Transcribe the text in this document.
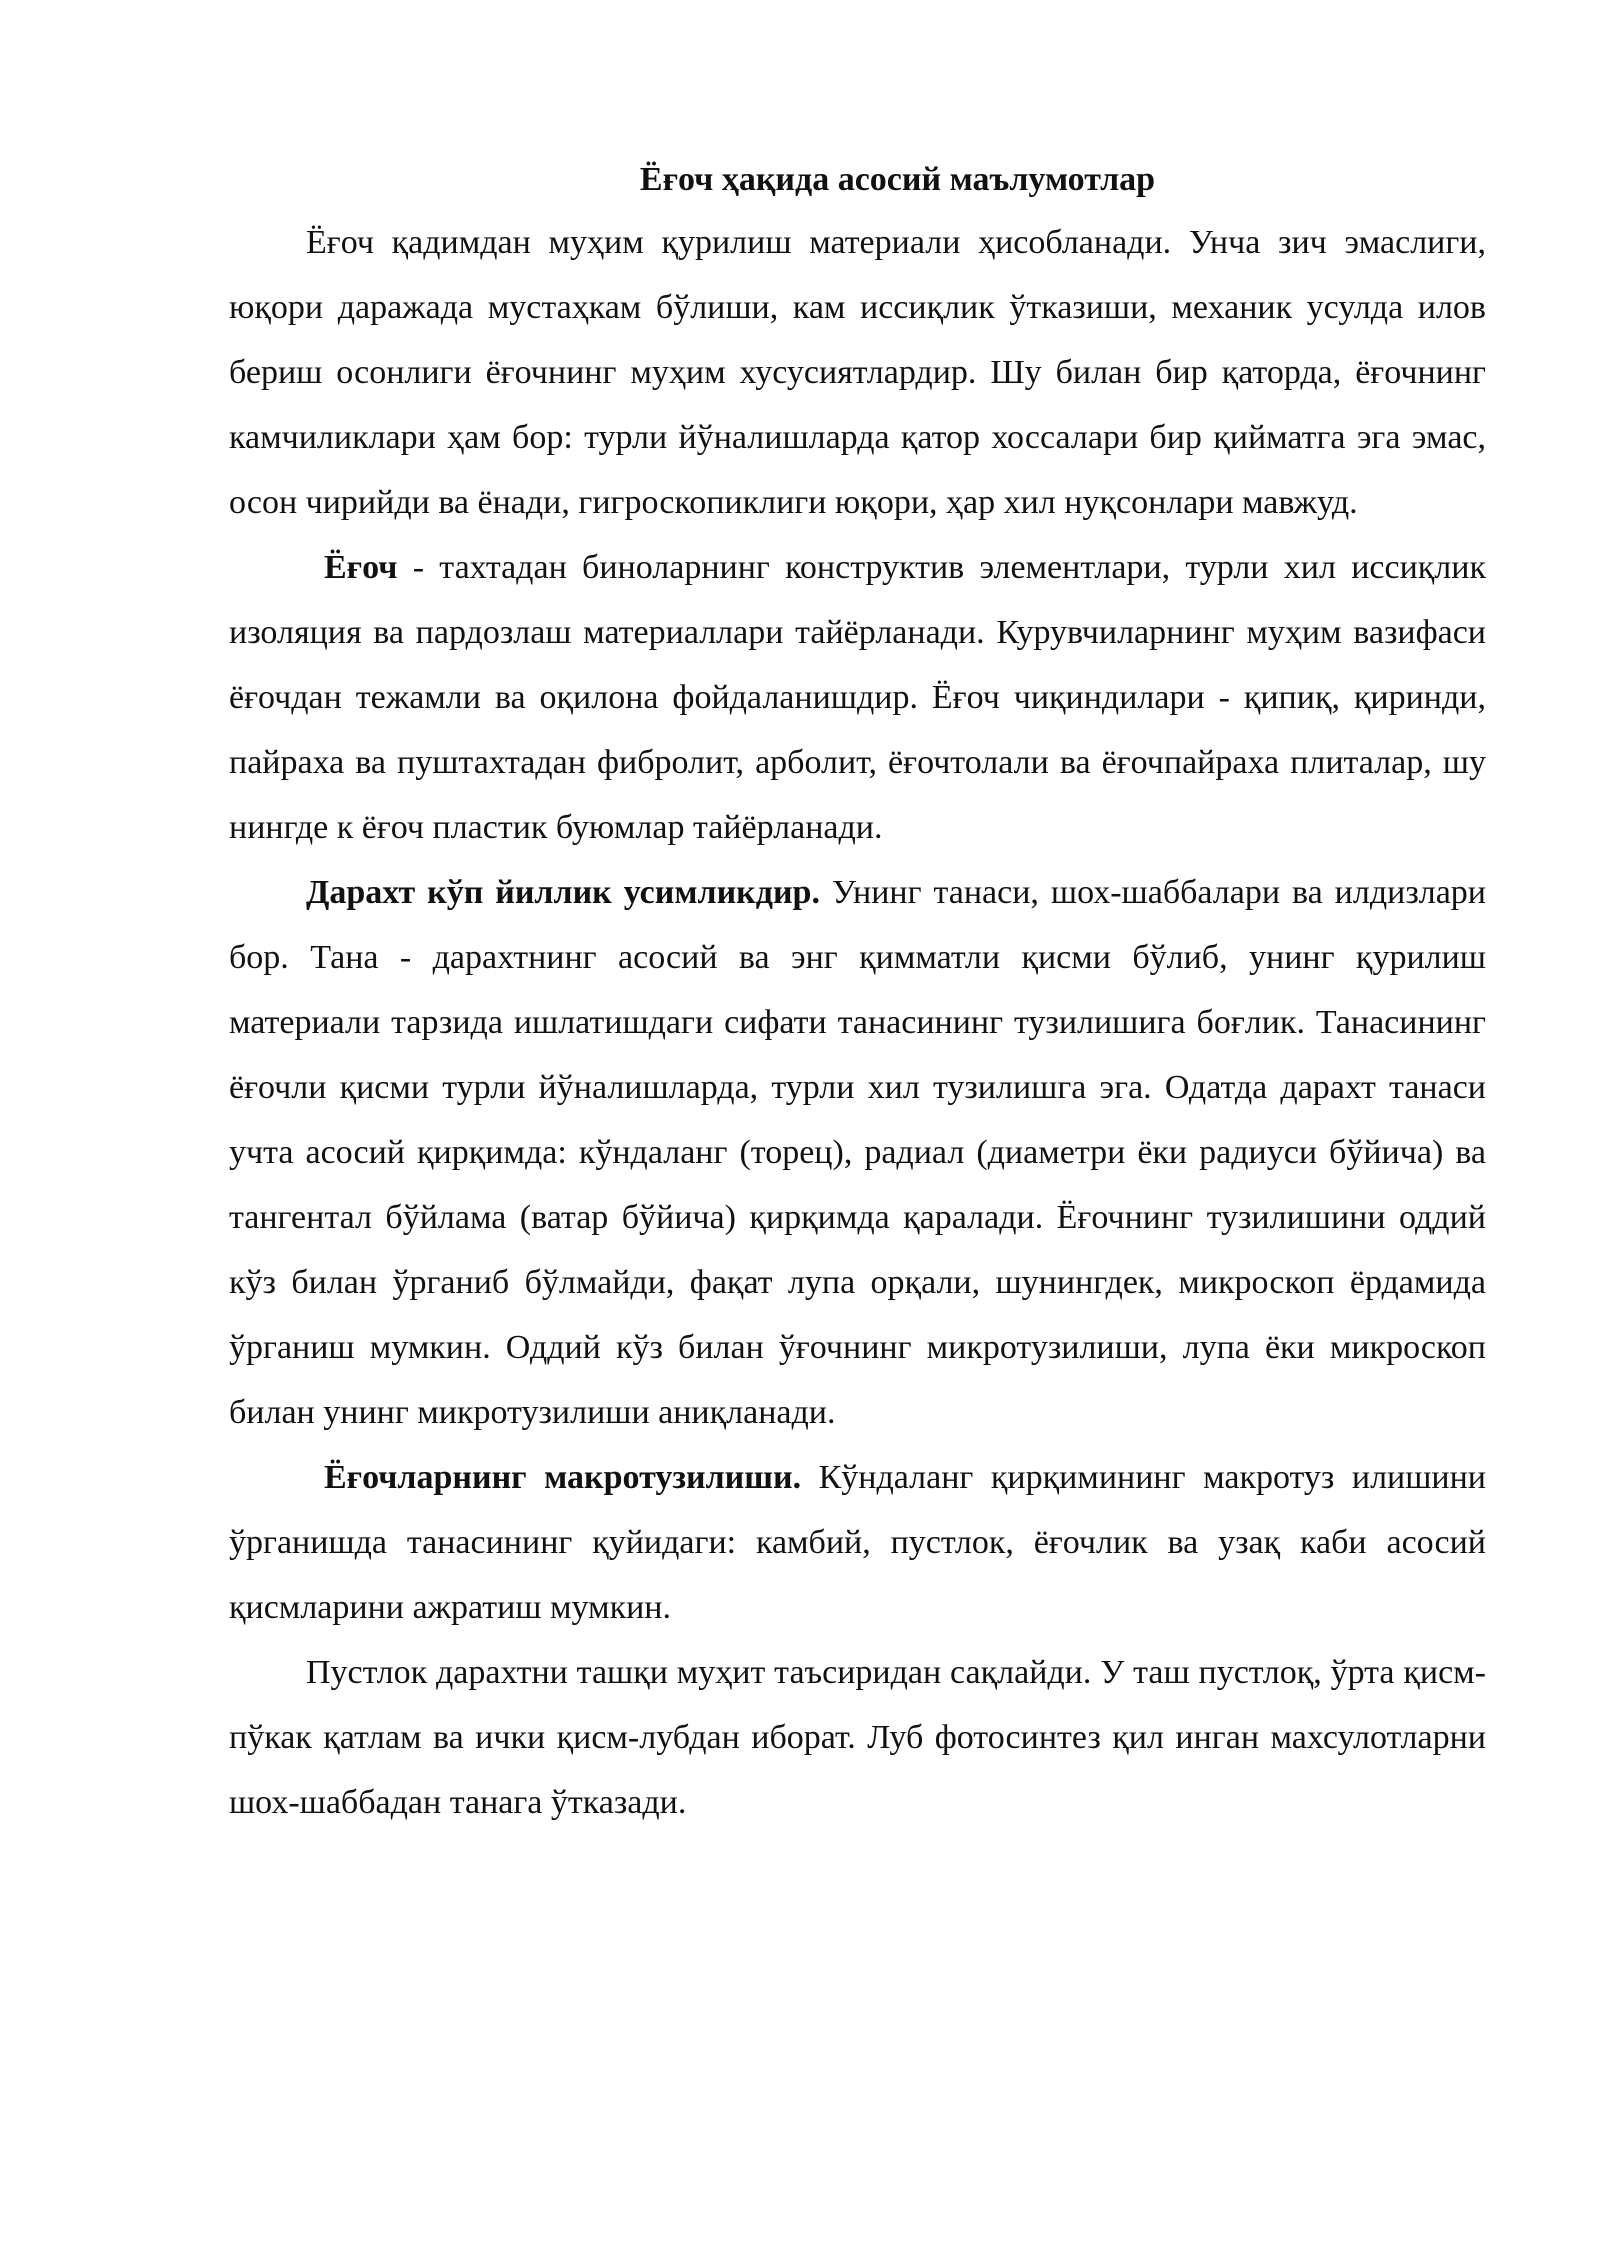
Ёғоч ҳақида асосий маълумотлар

Ёғоч қадимдан муҳим қурилиш материали ҳисобланади. Унча зич эмаслиги, юқори даражада мустаҳкам бўлиши, кам иссиқлик ўтказиши, механик усулда илов бериш осонлиги ёғочнинг муҳим хусусиятлардир. Шу билан бир қаторда, ёғочнинг камчиликлари ҳам бор: турли йўналишларда қатор хоссалари бир қийматга эга эмас, осон чирийди ва ёнади, гигроскопиклиги юқори, ҳар хил нуқсонлари мавжуд.

Ёғоч - тахтадан биноларнинг конструктив элементлари, турли хил иссиқлик изоляция ва пардозлаш материаллари тайёрланади. Курувчиларнинг муҳим вазифаси ёғочдан тежамли ва оқилона фойдаланишдир. Ёғоч чиқиндилари - қипиқ, қиринди, пайраха ва пуштахтадан фибролит, арболит, ёғочтолали ва ёғочпайраха плиталар, шу нингде к ёғоч пластик буюмлар тайёрланади.

Дарахт кўп йиллик усимликдир. Унинг танаси, шох-шаббалари ва илдизлари бор. Тана - дарахтнинг асосий ва энг қимматли қисми бўлиб, унинг қурилиш материали тарзида ишлатишдаги сифати танасининг тузилишига боғлик. Танасининг ёғочли қисми турли йўналишларда, турли хил тузилишга эга. Одатда дарахт танаси учта асосий қирқимда: кўндаланг (торец), радиал (диаметри ёки радиуси бўйича) ва тангентал бўйлама (ватар бўйича) қирқимда қаралади. Ёғочнинг тузилишини оддий кўз билан ўрганиб бўлмайди, фақат лупа орқали, шунингдек, микроскоп ёрдамида ўрганиш мумкин. Оддий кўз билан ўғочнинг микротузилиши, лупа ёки микроскоп билан унинг микротузилиши аниқланади.

Ёғочларнинг макротузилиши. Кўндаланг қирқимининг макротуз илишини ўрганишда танасининг қуйидаги: камбий, пустлок, ёғочлик ва узақ каби асосий қисмларини ажратиш мумкин.

Пустлок дарахтни ташқи муҳит таъсиридан сақлайди. У таш пустлоқ, ўрта қисм-пўкак қатлам ва ички қисм-лубдан иборат. Луб фотосинтез қил инган махсулотларни шох-шаббадан танага ўтказади.
